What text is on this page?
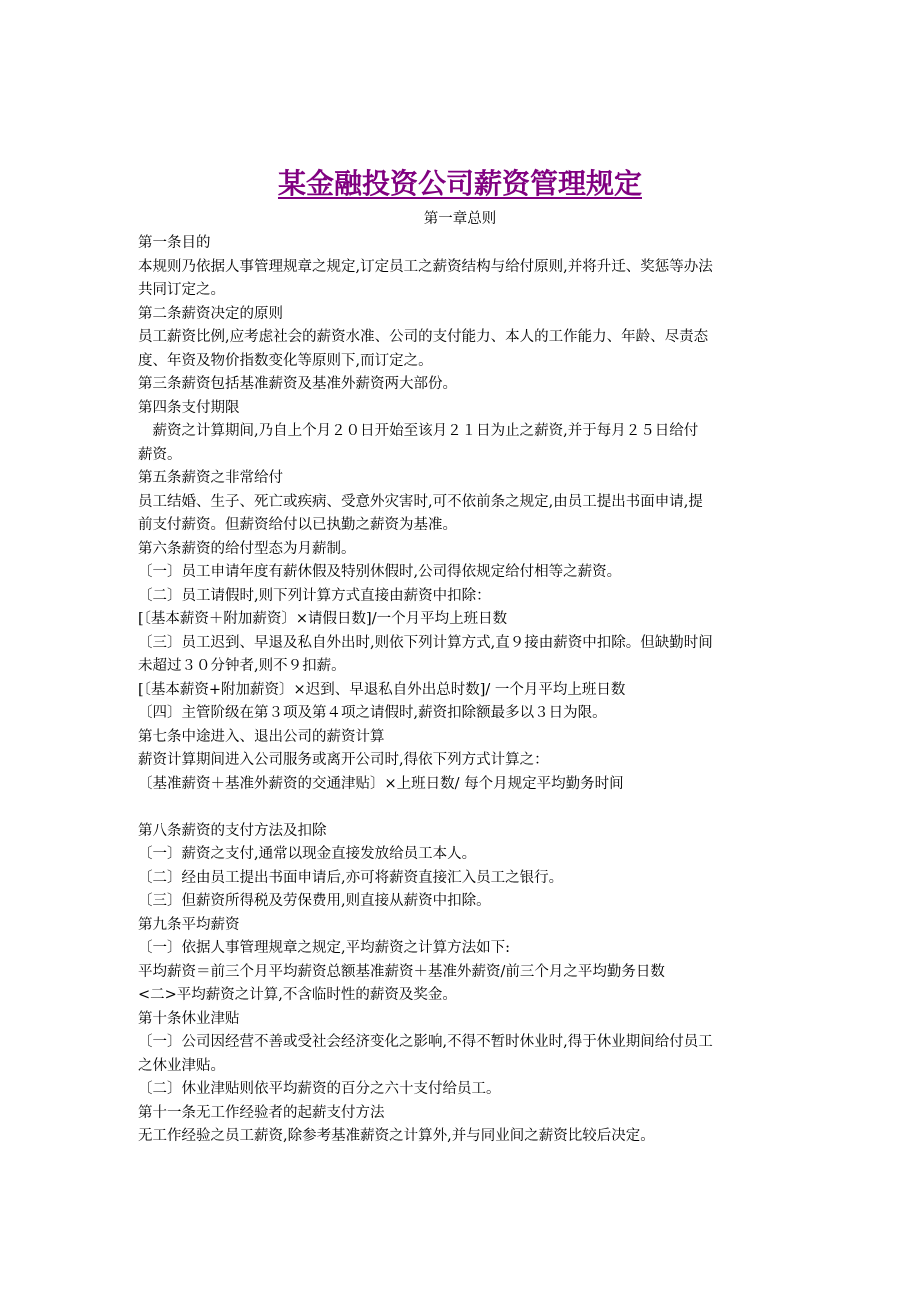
某金融投资公司薪资管理规定
第一章总则
第一条目的
本规则乃依据人事管理规章之规定,订定员工之薪资结构与给付原则,并将升迁、奖惩等办法
共同订定之。
第二条薪资决定的原则
员工薪资比例,应考虑社会的薪资水准、公司的支付能力、本人的工作能力、年龄、尽责态
度、年资及物价指数变化等原则下,而订定之。
第三条薪资包括基准薪资及基准外薪资两大部份。
第四条支付期限
　薪资之计算期间,乃自上个月２０日开始至该月２１日为止之薪资,并于每月２５日给付
薪资。
第五条薪资之非常给付
员工结婚、生子、死亡或疾病、受意外灾害时,可不依前条之规定,由员工提出书面申请,提
前支付薪资。但薪资给付以已执勤之薪资为基准。
第六条薪资的给付型态为月薪制。
〔一〕员工申请年度有薪休假及特别休假时,公司得依规定给付相等之薪资。
〔二〕员工请假时,则下列计算方式直接由薪资中扣除：
[〔基本薪资＋附加薪资〕×请假日数]/一个月平均上班日数
〔三〕员工迟到、早退及私自外出时,则依下列计算方式,直９接由薪资中扣除。但缺勤时间
未超过３０分钟者,则不９扣薪。
[〔基本薪资+附加薪资〕×迟到、早退私自外出总时数]/ 一个月平均上班日数
〔四〕主管阶级在第３项及第４项之请假时,薪资扣除额最多以３日为限。
第七条中途进入、退出公司的薪资计算
薪资计算期间进入公司服务或离开公司时,得依下列方式计算之：
〔基准薪资＋基准外薪资的交通津贴〕×上班日数/ 每个月规定平均勤务时间
第八条薪资的支付方法及扣除
〔一〕薪资之支付,通常以现金直接发放给员工本人。
〔二〕经由员工提出书面申请后,亦可将薪资直接汇入员工之银行。
〔三〕但薪资所得税及劳保费用,则直接从薪资中扣除。
第九条平均薪资
〔一〕依据人事管理规章之规定,平均薪资之计算方法如下:
平均薪资＝前三个月平均薪资总额基准薪资＋基准外薪资/前三个月之平均勤务日数
<二>平均薪资之计算,不含临时性的薪资及奖金。
第十条休业津贴
〔一〕公司因经营不善或受社会经济变化之影响,不得不暂时休业时,得于休业期间给付员工
之休业津贴。
〔二〕休业津贴则依平均薪资的百分之六十支付给员工。
第十一条无工作经验者的起薪支付方法
无工作经验之员工薪资,除参考基准薪资之计算外,并与同业间之薪资比较后决定。
